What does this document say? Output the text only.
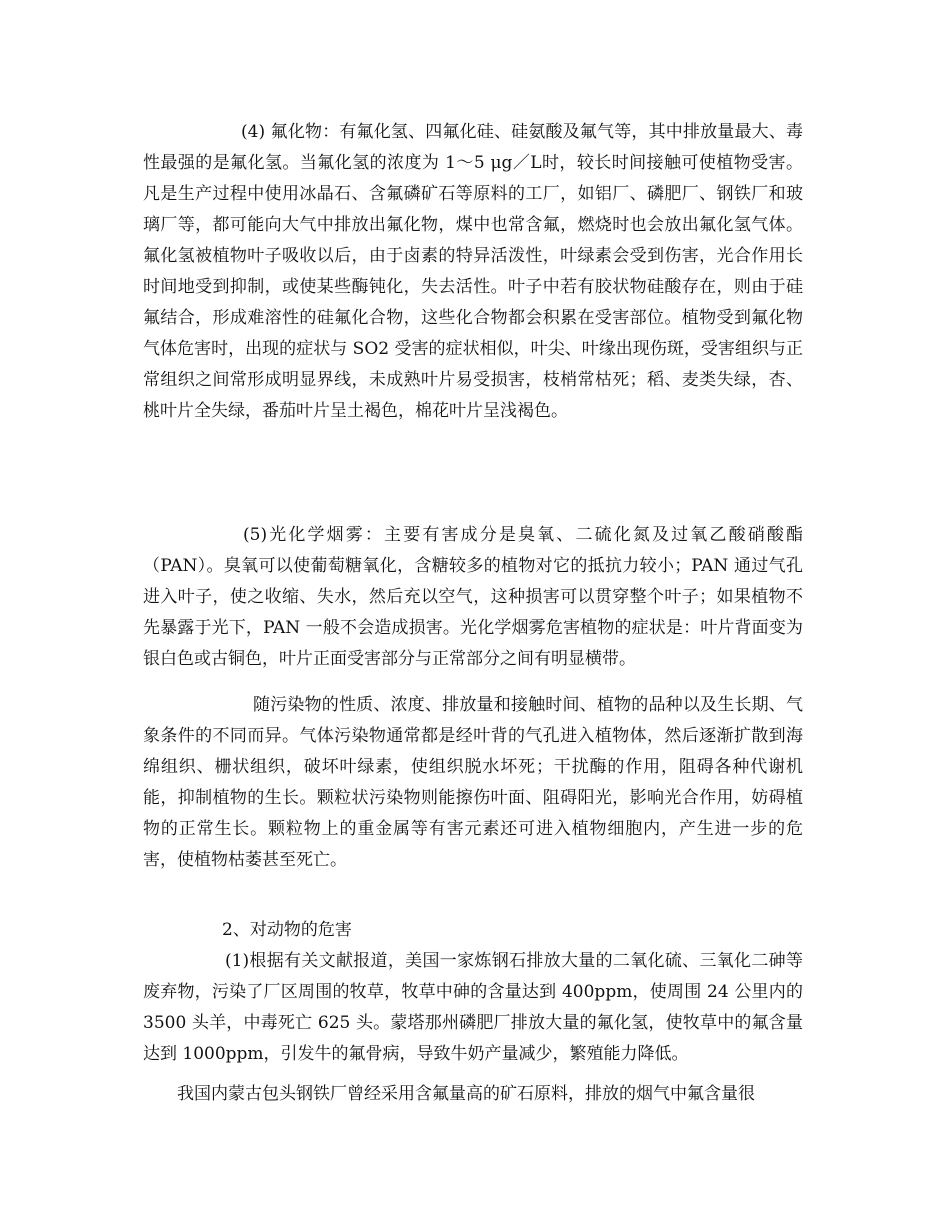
(4) 氟化物：有氟化氢、四氟化硅、硅氨酸及氟气等，其中排放量最大、毒性最强的是氟化氢。当氟化氢的浓度为 1～5 μg／L时，较长时间接触可使植物受害。凡是生产过程中使用冰晶石、含氟磷矿石等原料的工厂，如铝厂、磷肥厂、钢铁厂和玻璃厂等，都可能向大气中排放出氟化物，煤中也常含氟，燃烧时也会放出氟化氢气体。氟化氢被植物叶子吸收以后，由于卤素的特异活泼性，叶绿素会受到伤害，光合作用长时间地受到抑制，或使某些酶钝化，失去活性。叶子中若有胶状物硅酸存在，则由于硅氟结合，形成难溶性的硅氟化合物，这些化合物都会积累在受害部位。植物受到氟化物气体危害时，出现的症状与 SO2 受害的症状相似，叶尖、叶缘出现伤斑，受害组织与正常组织之间常形成明显界线，未成熟叶片易受损害，枝梢常枯死；稻、麦类失绿，杏、桃叶片全失绿，番茄叶片呈土褐色，棉花叶片呈浅褐色。

(5)光化学烟雾：主要有害成分是臭氧、二硫化氮及过氧乙酸硝酸酯（PAN）。臭氧可以使葡萄糖氧化，含糖较多的植物对它的抵抗力较小；PAN 通过气孔进入叶子，使之收缩、失水，然后充以空气，这种损害可以贯穿整个叶子；如果植物不先暴露于光下，PAN 一般不会造成损害。光化学烟雾危害植物的症状是：叶片背面变为银白色或古铜色，叶片正面受害部分与正常部分之间有明显横带。

随污染物的性质、浓度、排放量和接触时间、植物的品种以及生长期、气象条件的不同而异。气体污染物通常都是经叶背的气孔进入植物体，然后逐渐扩散到海绵组织、栅状组织，破坏叶绿素，使组织脱水坏死；干扰酶的作用，阻碍各种代谢机能，抑制植物的生长。颗粒状污染物则能擦伤叶面、阻碍阳光，影响光合作用，妨碍植物的正常生长。颗粒物上的重金属等有害元素还可进入植物细胞内，产生进一步的危害，使植物枯萎甚至死亡。

2、对动物的危害

(1)根据有关文献报道，美国一家炼钢石排放大量的二氧化硫、三氧化二砷等废弃物，污染了厂区周围的牧草，牧草中砷的含量达到 400ppm，使周围 24 公里内的 3500 头羊，中毒死亡 625 头。蒙塔那州磷肥厂排放大量的氟化氢，使牧草中的氟含量达到 1000ppm，引发牛的氟骨病，导致牛奶产量减少，繁殖能力降低。

我国内蒙古包头钢铁厂曾经采用含氟量高的矿石原料，排放的烟气中氟含量很
